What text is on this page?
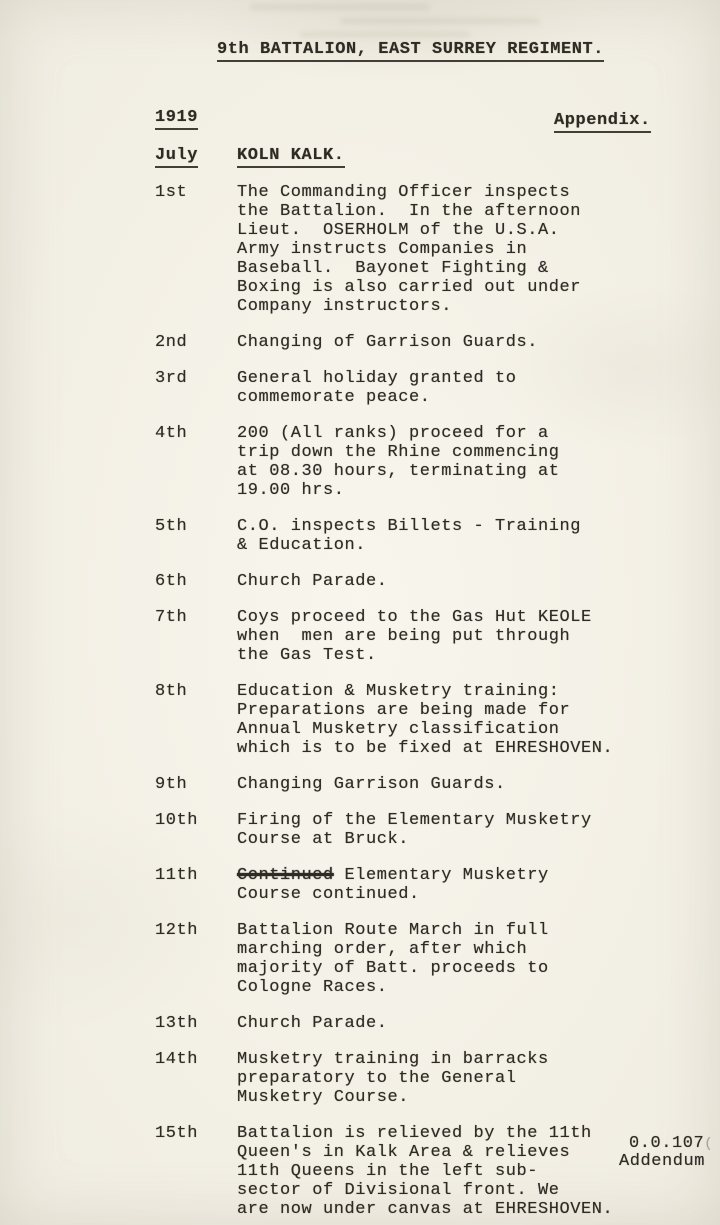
9th BATTALION, EAST SURREY REGIMENT.
1919	Appendix.
July KOLN KALK.
1st	The Commanding Officer inspects
the Battalion.  In the afternoon
Lieut.  OSERHOLM of the U.S.A.
Army instructs Companies in
Baseball.  Bayonet Fighting &
Boxing is also carried out under
Company instructors.
2nd	Changing of Garrison Guards.
3rd	General holiday granted to
commemorate peace.
4th	200 (All ranks) proceed for a
trip down the Rhine commencing
at 08.30 hours, terminating at
19.00 hrs.
5th	C.O. inspects Billets - Training
& Education.
6th	Church Parade.
7th	Coys proceed to the Gas Hut KEOLE
when  men are being put through
the Gas Test.
8th	Education & Musketry training:
Preparations are being made for
Annual Musketry classification
which is to be fixed at EHRESHOVEN.
9th	Changing Garrison Guards.
10th	Firing of the Elementary Musketry
Course at Bruck.
11th	Continued Elementary Musketry
Course continued.
12th	Battalion Route March in full
marching order, after which
majority of Batt. proceeds to
Cologne Races.
13th	Church Parade.
14th	Musketry training in barracks
preparatory to the General
Musketry Course.
15th	Battalion is relieved by the 11th
Queen's in Kalk Area & relieves
11th Queens in the left sub-
sector of Divisional front. We
are now under canvas at EHRESHOVEN.
0.0.107(
Addendum
